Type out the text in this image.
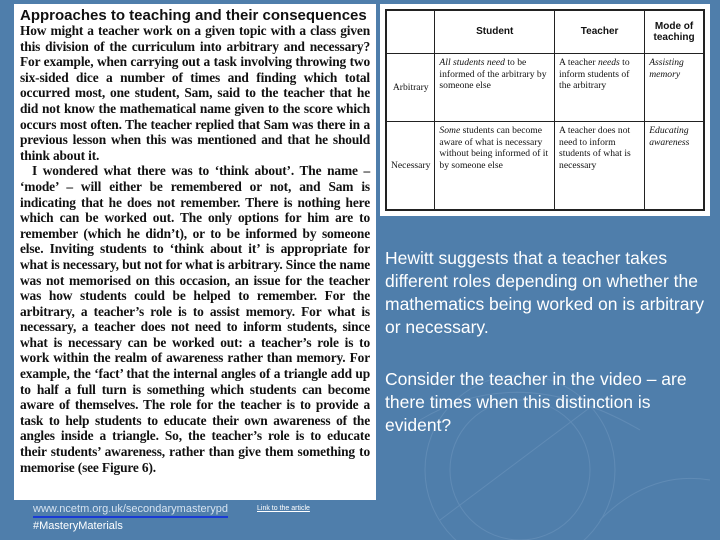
Approaches to teaching and their consequences

How might a teacher work on a given topic with a class given this division of the curriculum into arbitrary and necessary? For example, when carrying out a task involving throwing two six-sided dice a number of times and finding which total occurred most, one student, Sam, said to the teacher that he did not know the mathematical name given to the score which occurs most often. The teacher replied that Sam was there in a previous lesson when this was mentioned and that he should think about it.

I wondered what there was to ‘think about’. The name – ‘mode’ – will either be remembered or not, and Sam is indicating that he does not remember. There is nothing here which can be worked out. The only options for him are to remember (which he didn’t), or to be informed by someone else. Inviting students to ‘think about it’ is appropriate for what is necessary, but not for what is arbitrary. Since the name was not memorised on this occasion, an issue for the teacher was how students could be helped to remember. For the arbitrary, a teacher’s role is to assist memory. For what is necessary, a teacher does not need to inform students, since what is necessary can be worked out: a teacher’s role is to work within the realm of awareness rather than memory. For example, the ‘fact’ that the internal angles of a triangle add up to half a full turn is something which students can become aware of themselves. The role for the teacher is to provide a task to help students to educate their own awareness of the angles inside a triangle. So, the teacher’s role is to educate their students’ awareness, rather than give them something to memorise (see Figure 6).

	Student	Teacher	Mode of teaching
Arbitrary	All students need to be informed of the arbitrary by someone else	A teacher needs to inform students of the arbitrary	Assisting memory
Necessary	Some students can become aware of what is necessary without being informed of it by someone else	A teacher does not need to inform students of what is necessary	Educating awareness

Hewitt suggests that a teacher takes different roles depending on whether the mathematics being worked on is arbitrary or necessary.

Consider the teacher in the video – are there times when this distinction is evident?

www.ncetm.org.uk/secondarymasterypd	Link to the article
#MasteryMaterials
